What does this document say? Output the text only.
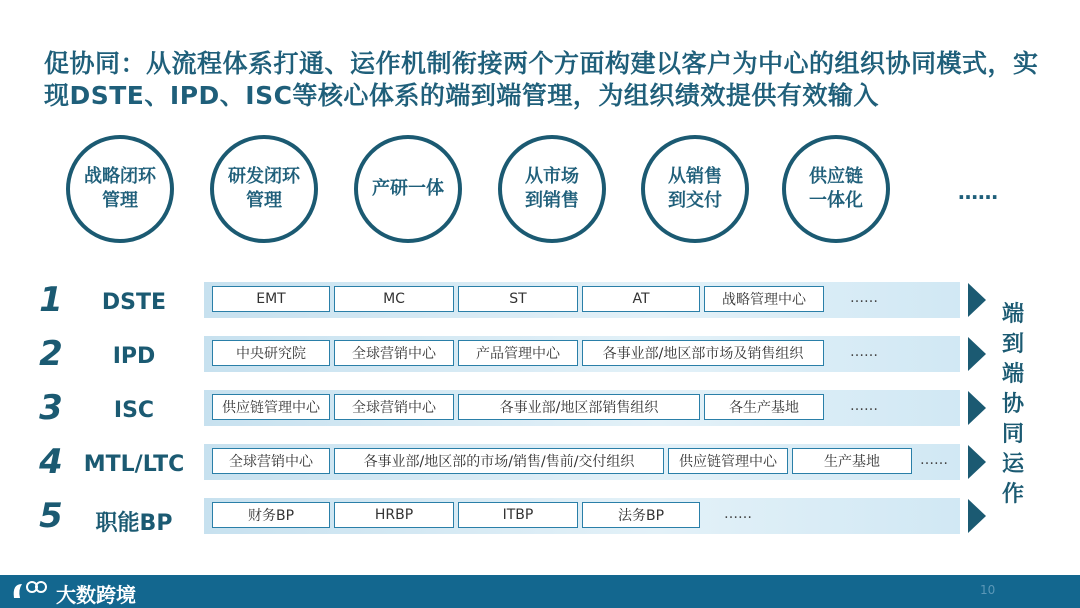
促协同：从流程体系打通、运作机制衔接两个方面构建以客户为中心的组织协同模式，实现DSTE、IPD、ISC等核心体系的端到端管理，为组织绩效提供有效输入
战略闭环
管理
研发闭环
管理
产研一体
从市场
到销售
从销售
到交付
供应链
一体化	……
1	DSTE	EMT	MC	ST	AT	战略管理中心	……
2	IPD	中央研究院	全球营销中心	产品管理中心	各事业部/地区部市场及销售组织	……
3	ISC	供应链管理中心	全球营销中心	各事业部/地区部销售组织	各生产基地	……
4 MTL/LTC	全球营销中心	各事业部/地区部的市场/销售/售前/交付组织	供应链管理中心	生产基地	……
5	职能BP	财务BP	HRBP	ITBP	法务BP	……
端
到
端
协
同
运
作
大数跨境	10
